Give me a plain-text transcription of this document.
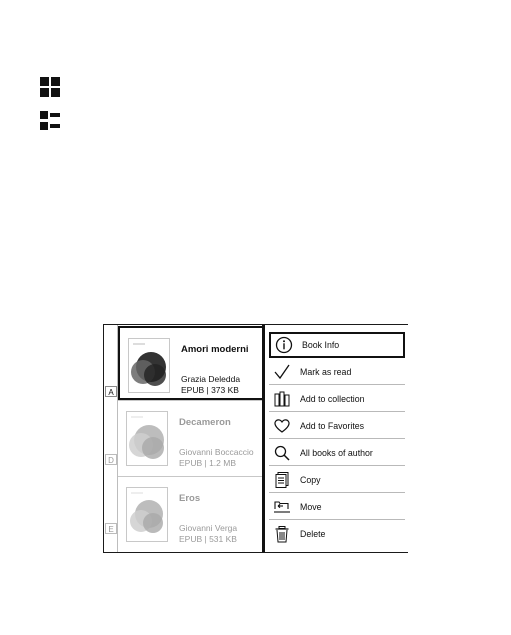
Amori moderni
Grazia Deledda
EPUB | 373 KB
A
Decameron
Giovanni Boccaccio
EPUB | 1.2 MB
D
Eros
Giovanni Verga
EPUB | 531 KB
E
Book Info
Mark as read
Add to collection
Add to Favorites
All books of author
Copy
Move
Delete
